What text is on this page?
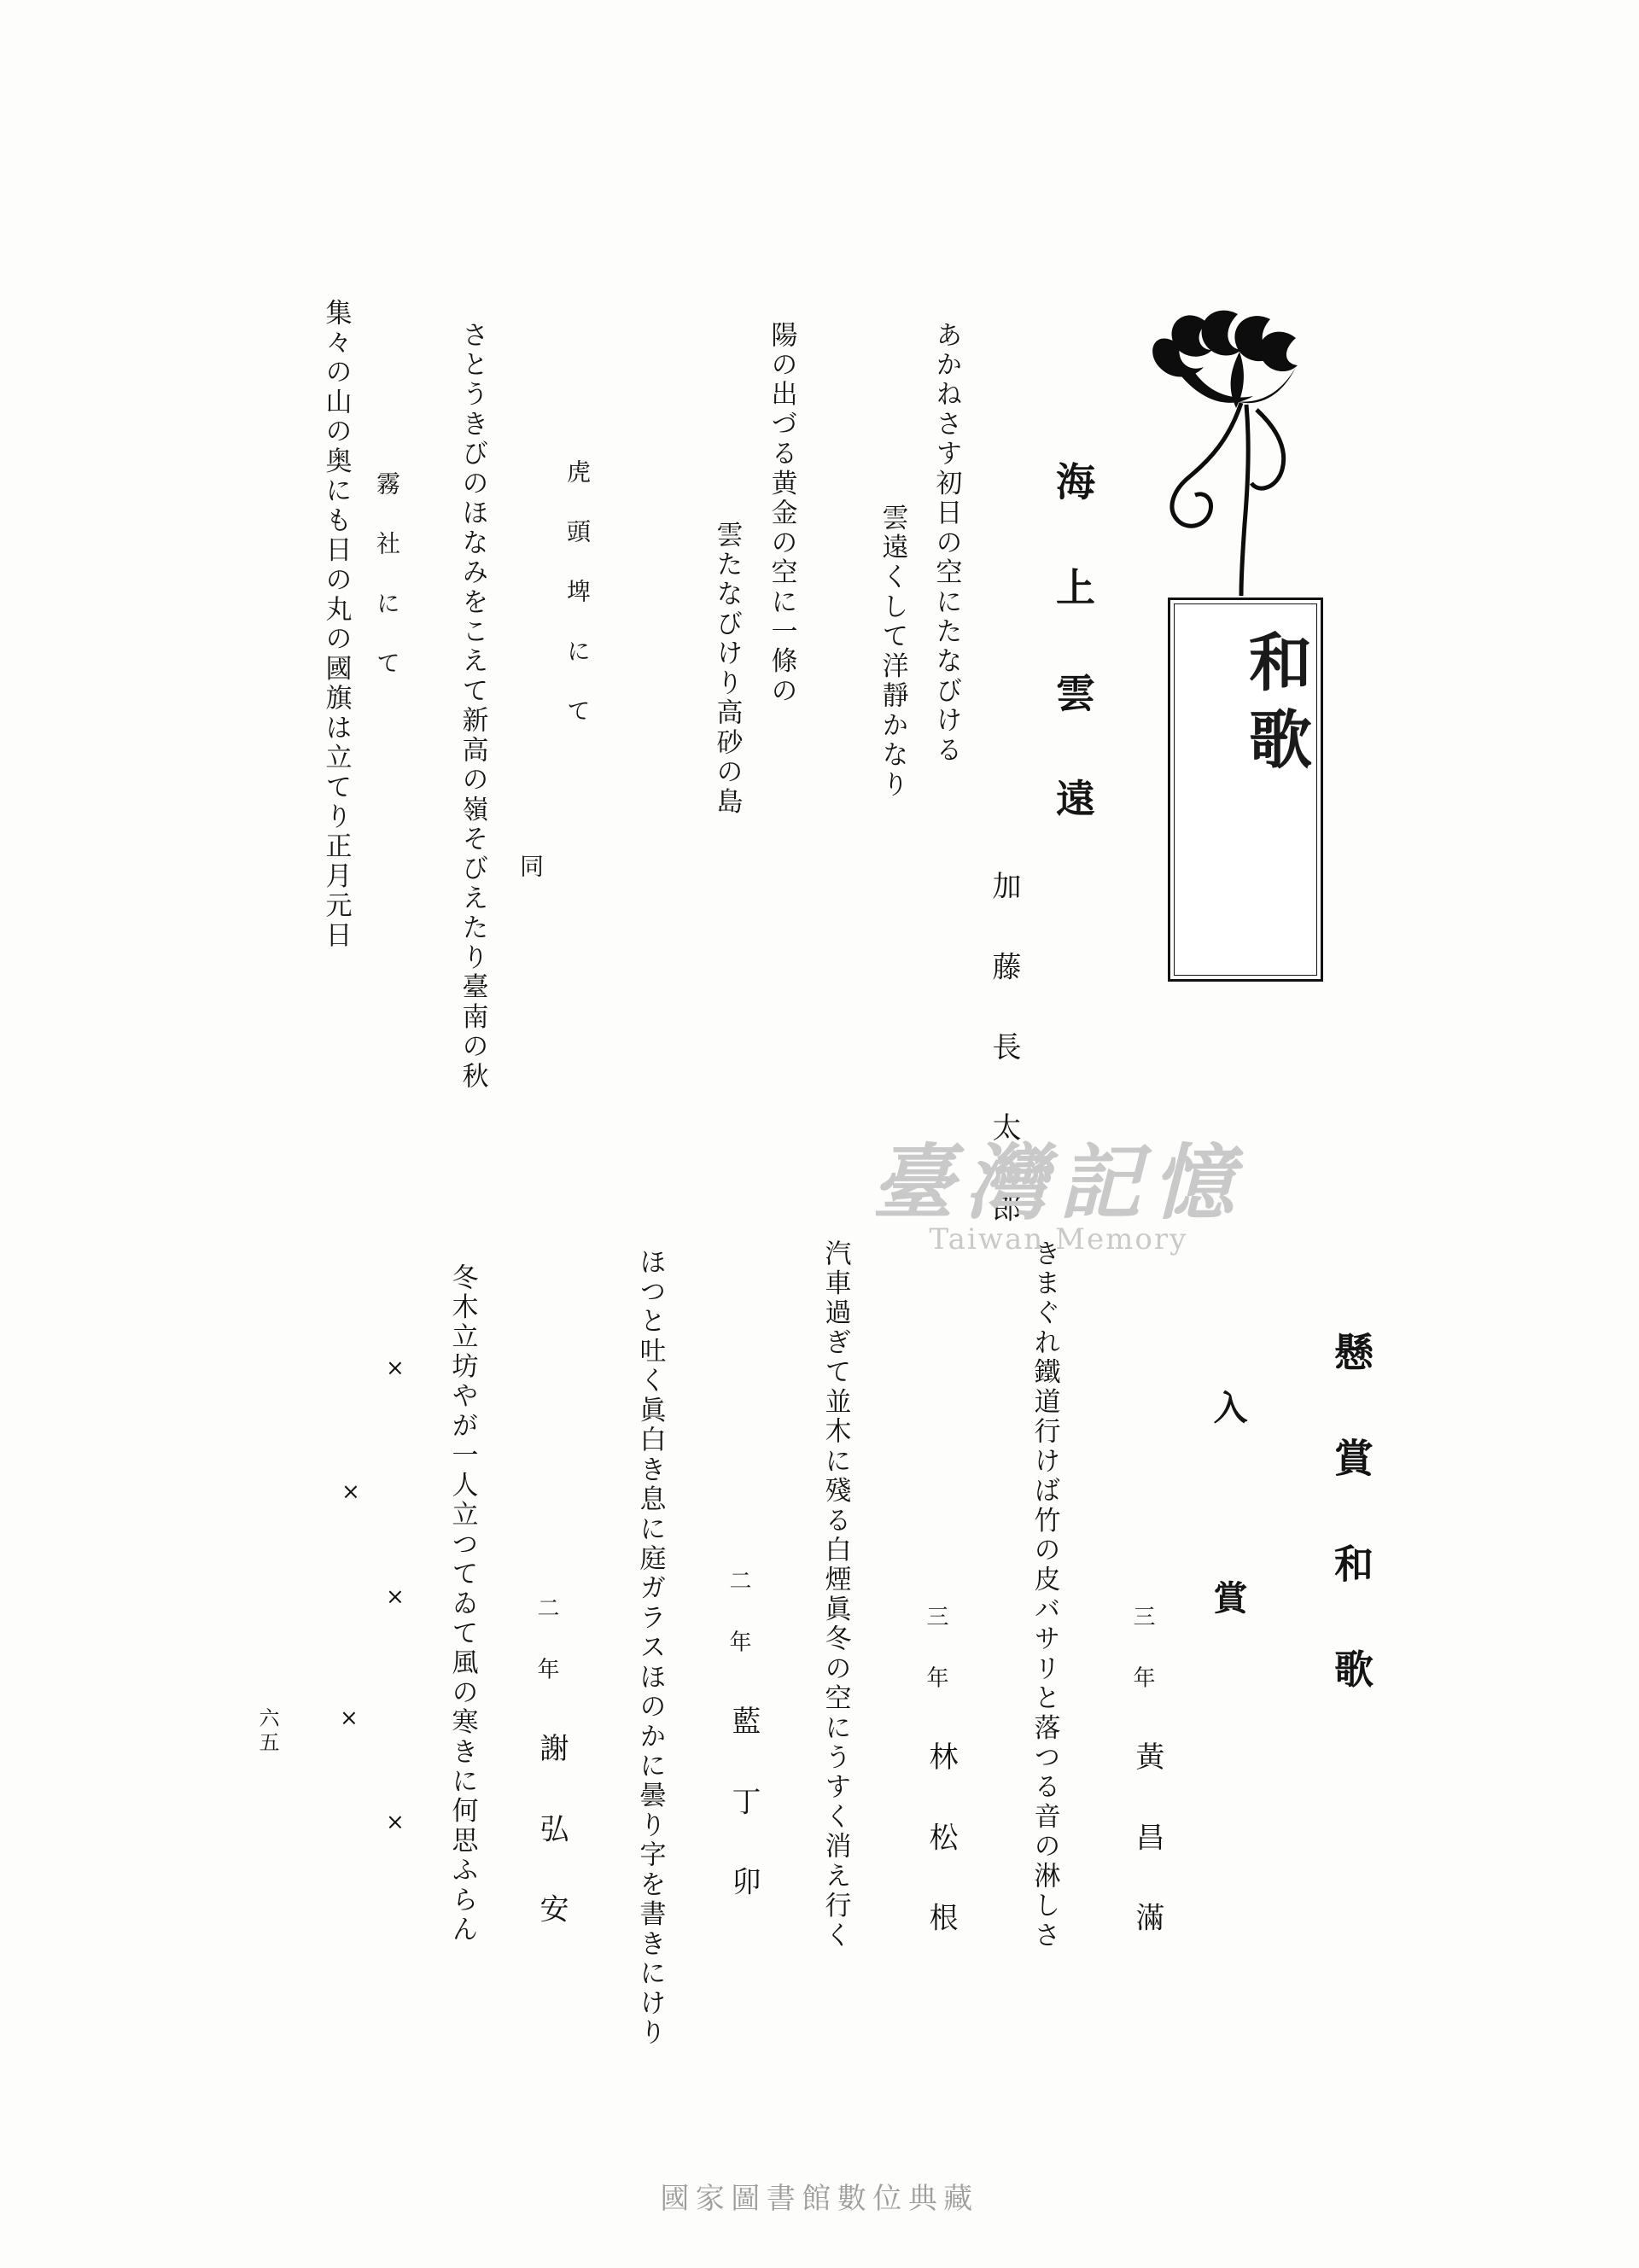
和歌
海 上 雲 遠
加 藤 長 太 郎
あかねさす初日の空にたなびける
雲遠くして洋靜かなり
陽の出づる黄金の空に一條の
雲たなびけり高砂の島
虎 頭 埤 に て
同
さとうきびのほなみをこえて新高の嶺そびえたり臺南の秋
霧 社 に て
集々の山の奥にも日の丸の國旗は立てり正月元日
懸 賞 和 歌
入   賞
三 年
黃 昌 滿
きまぐれ鐵道行けば竹の皮バサリと落つる音の淋しさ
三 年
林 松 根
汽車過ぎて並木に殘る白煙眞冬の空にうすく消え行く
二 年
藍 丁 卯
ほつと吐く眞白き息に庭ガラスほのかに曇り字を書きにけり
二 年
謝 弘 安
冬木立坊やが一人立つてゐて風の寒きに何思ふらん
×
×
×
×
×
六五
臺灣記憶
Taiwan Memory
國家圖書館數位典藏
